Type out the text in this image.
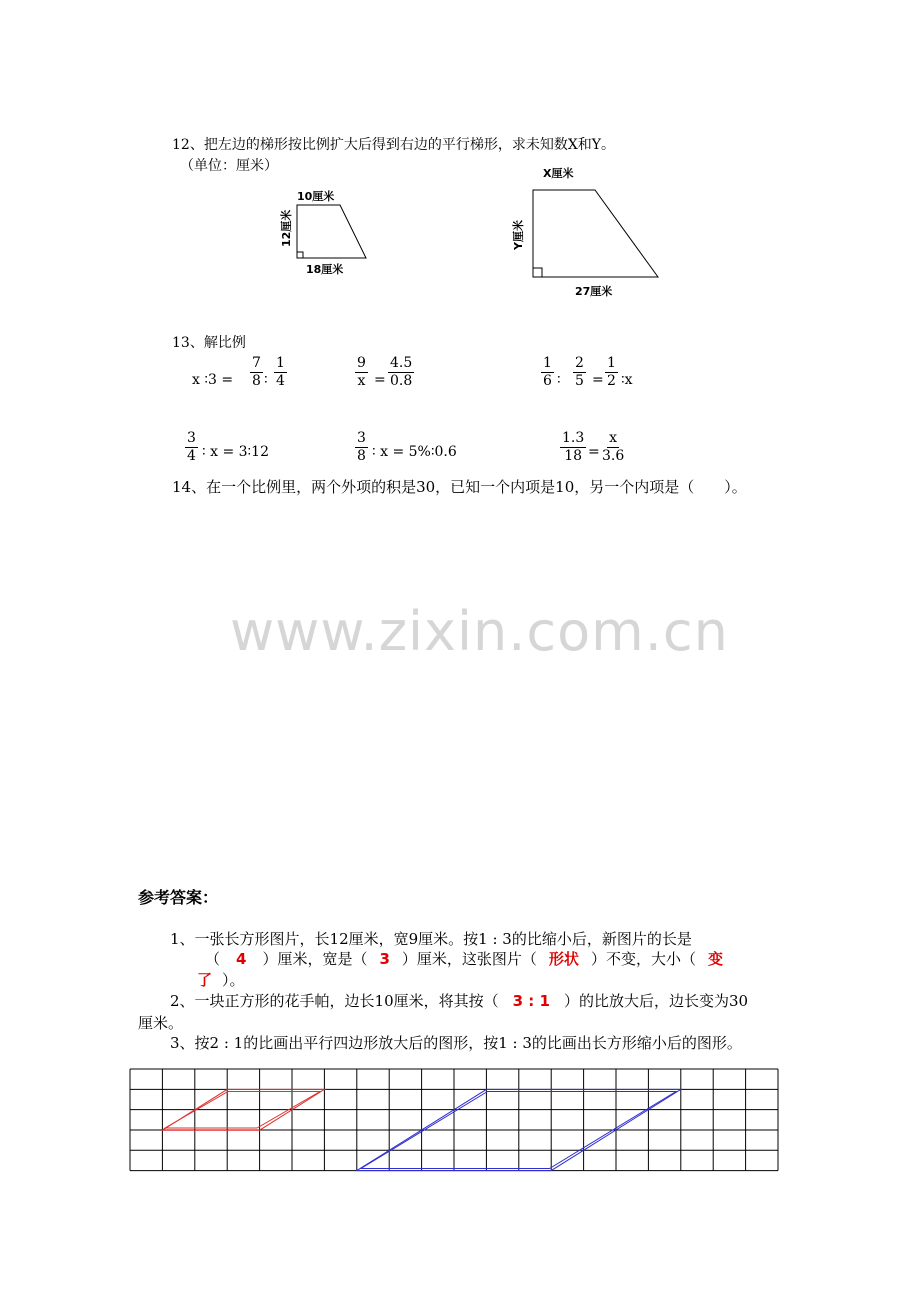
12、把左边的梯形按比例扩大后得到右边的平行梯形，求未知数X和Y。
（单位：厘米）
10厘米
18厘米
12厘米
X厘米
27厘米
Y厘米
13、解比例
x ∶3 = $\frac{7}{8}$ ∶ $\frac{1}{4}$	$\frac{9}{x} = \frac{4.5}{0.8}$	$\frac{1}{6}$ ∶ $\frac{2}{5} = \frac{1}{2}$ ∶x
$\frac{3}{4}$ ∶ x = 3∶12	$\frac{3}{8}$ ∶ x = 5%∶0.6	$\frac{1.3}{18} = \frac{x}{3.6}$
14、在一个比例里，两个外项的积是30，已知一个内项是10，另一个内项是（　　）。
www.zixin.com.cn
参考答案：
1、一张长方形图片，长12厘米，宽9厘米。按1 : 3的比缩小后，新图片的长是
（ 4 ）厘米，宽是（ 3 ）厘米，这张图片（ 形状 ）不变，大小（ 变
了 ）。
2、一块正方形的花手帕，边长10厘米，将其按（ 3 : 1 ）的比放大后，边长变为30
厘米。
3、按2 : 1的比画出平行四边形放大后的图形，按1 : 3的比画出长方形缩小后的图形。
